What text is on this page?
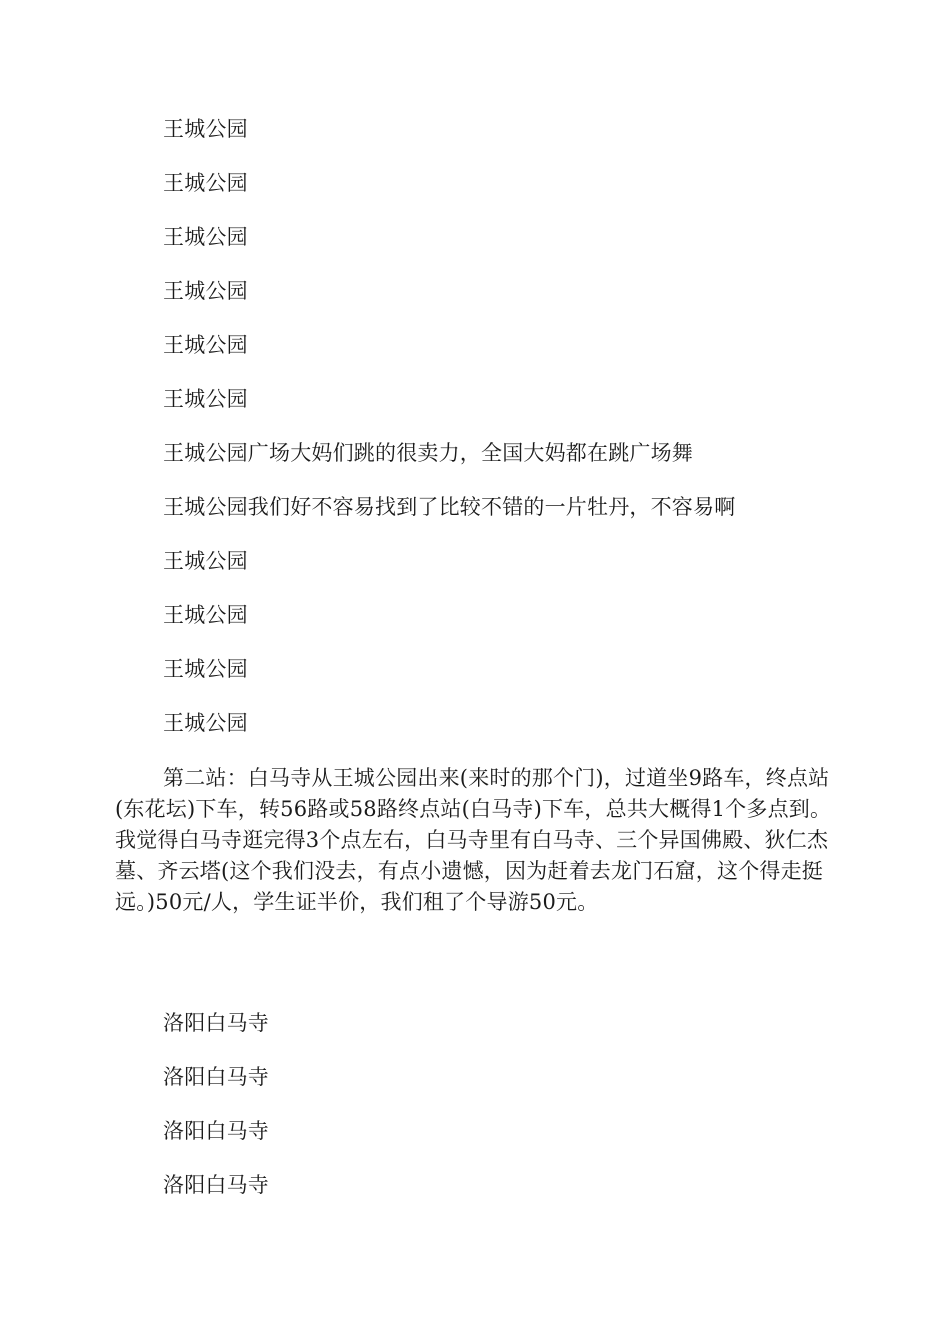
王城公园

王城公园

王城公园

王城公园

王城公园

王城公园

王城公园广场大妈们跳的很卖力，全国大妈都在跳广场舞

王城公园我们好不容易找到了比较不错的一片牡丹，不容易啊

王城公园

王城公园

王城公园

王城公园

第二站：白马寺从王城公园出来(来时的那个门)，过道坐9路车，终点站(东花坛)下车，转56路或58路终点站(白马寺)下车，总共大概得1个多点到。我觉得白马寺逛完得3个点左右，白马寺里有白马寺、三个异国佛殿、狄仁杰墓、齐云塔(这个我们没去，有点小遗憾，因为赶着去龙门石窟，这个得走挺远。)50元/人，学生证半价，我们租了个导游50元。

洛阳白马寺

洛阳白马寺

洛阳白马寺

洛阳白马寺
